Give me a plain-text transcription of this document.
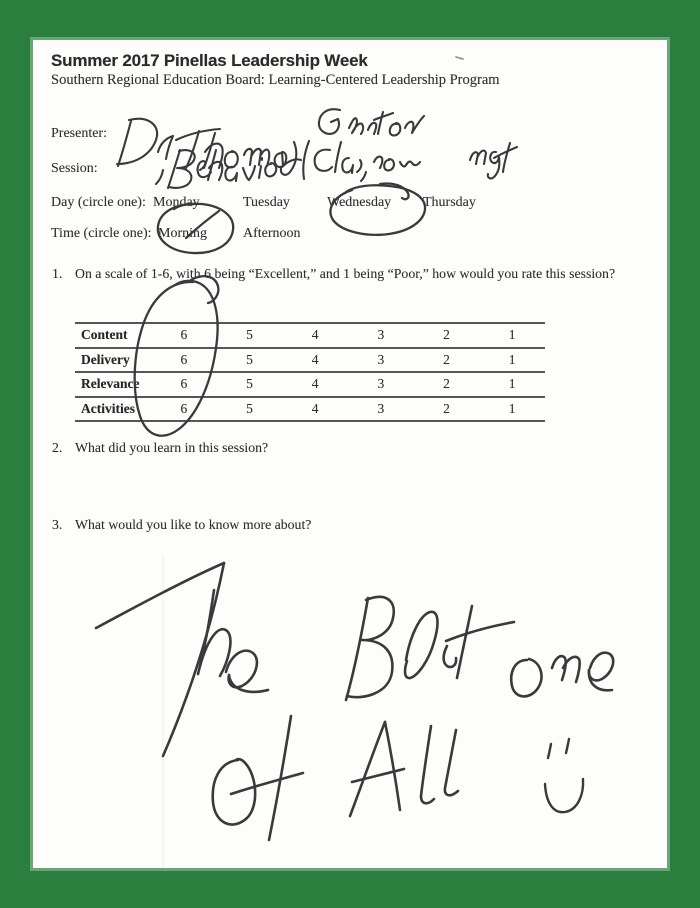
Summer 2017 Pinellas Leadership Week
Southern Regional Education Board: Learning-Centered Leadership Program
Presenter:
Session:
Day (circle one): Monday	Tuesday	Wednesday Thursday
Time (circle one): Morning	Afternoon
1. On a scale of 1-6, with 6 being “Excellent,” and 1 being “Poor,” how would you rate this session?
Content	6	5	4	3	2	1
Delivery	6	5	4	3	2	1
Relevance	6	5	4	3	2	1
Activities	6	5	4	3	2	1
2. What did you learn in this session?
3. What would you like to know more about?
